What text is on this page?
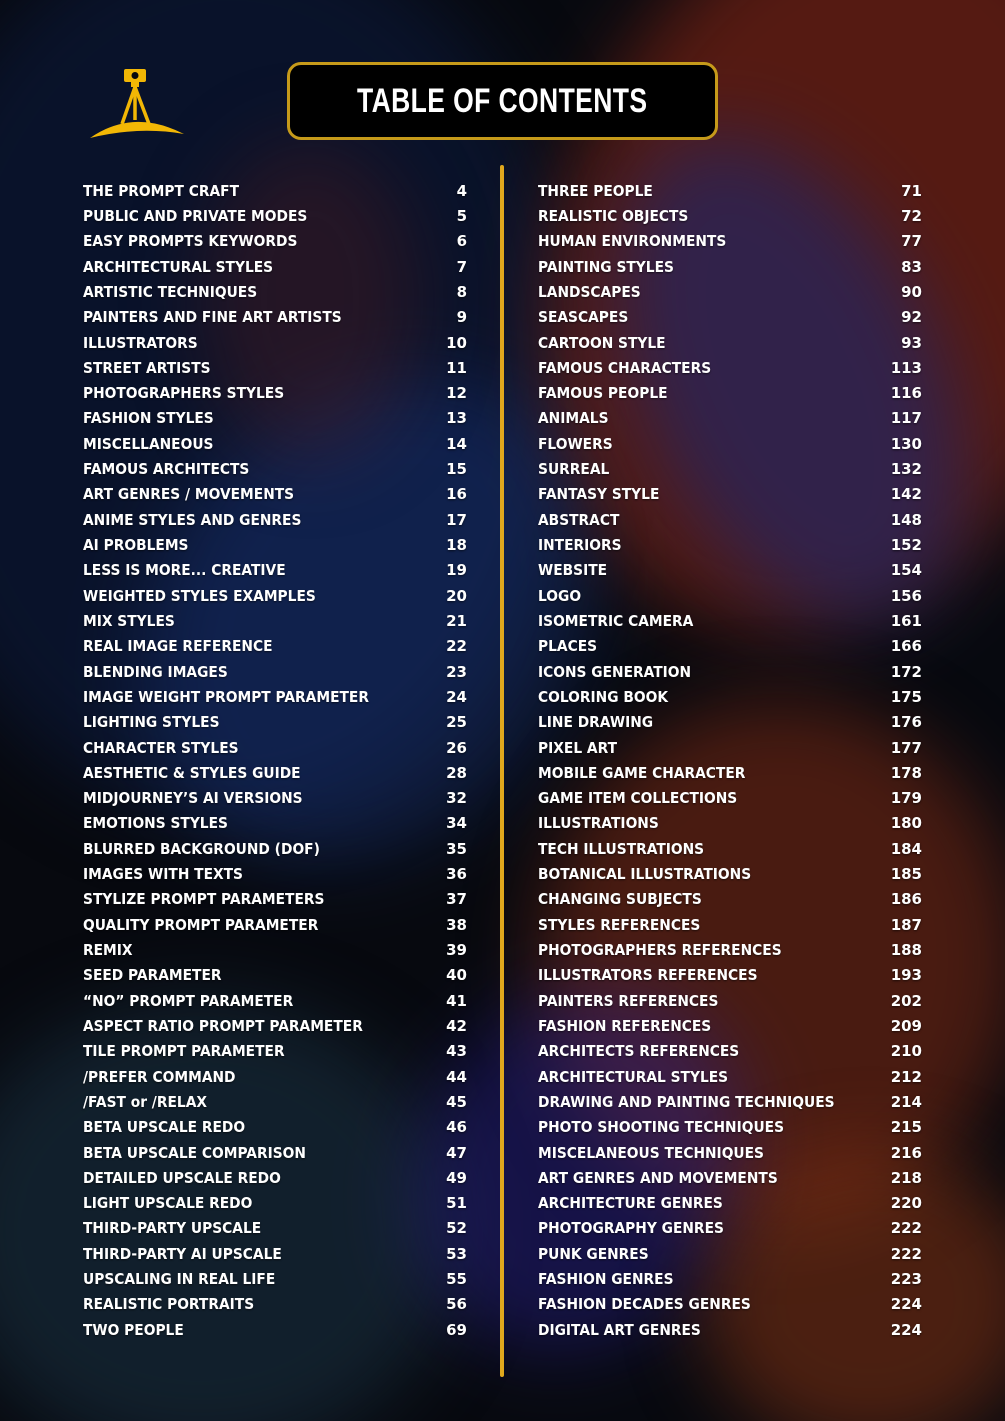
TABLE OF CONTENTS
THE PROMPT CRAFT	4
PUBLIC AND PRIVATE MODES	5
EASY PROMPTS KEYWORDS	6
ARCHITECTURAL STYLES	7
ARTISTIC TECHNIQUES	8
PAINTERS AND FINE ART ARTISTS	9
ILLUSTRATORS	10
STREET ARTISTS	11
PHOTOGRAPHERS STYLES	12
FASHION STYLES	13
MISCELLANEOUS	14
FAMOUS ARCHITECTS	15
ART GENRES / MOVEMENTS	16
ANIME STYLES AND GENRES	17
AI PROBLEMS	18
LESS IS MORE... CREATIVE	19
WEIGHTED STYLES EXAMPLES	20
MIX STYLES	21
REAL IMAGE REFERENCE	22
BLENDING IMAGES	23
IMAGE WEIGHT PROMPT PARAMETER	24
LIGHTING STYLES	25
CHARACTER STYLES	26
AESTHETIC & STYLES GUIDE	28
MIDJOURNEY’S AI VERSIONS	32
EMOTIONS STYLES	34
BLURRED BACKGROUND (DOF)	35
IMAGES WITH TEXTS	36
STYLIZE PROMPT PARAMETERS	37
QUALITY PROMPT PARAMETER	38
REMIX	39
SEED PARAMETER	40
“NO” PROMPT PARAMETER	41
ASPECT RATIO PROMPT PARAMETER	42
TILE PROMPT PARAMETER	43
/PREFER COMMAND	44
/FAST or /RELAX	45
BETA UPSCALE REDO	46
BETA UPSCALE COMPARISON	47
DETAILED UPSCALE REDO	49
LIGHT UPSCALE REDO	51
THIRD-PARTY UPSCALE	52
THIRD-PARTY AI UPSCALE	53
UPSCALING IN REAL LIFE	55
REALISTIC PORTRAITS	56
TWO PEOPLE	69
THREE PEOPLE	71
REALISTIC OBJECTS	72
HUMAN ENVIRONMENTS	77
PAINTING STYLES	83
LANDSCAPES	90
SEASCAPES	92
CARTOON STYLE	93
FAMOUS CHARACTERS	113
FAMOUS PEOPLE	116
ANIMALS	117
FLOWERS	130
SURREAL	132
FANTASY STYLE	142
ABSTRACT	148
INTERIORS	152
WEBSITE	154
LOGO	156
ISOMETRIC CAMERA	161
PLACES	166
ICONS GENERATION	172
COLORING BOOK	175
LINE DRAWING	176
PIXEL ART	177
MOBILE GAME CHARACTER	178
GAME ITEM COLLECTIONS	179
ILLUSTRATIONS	180
TECH ILLUSTRATIONS	184
BOTANICAL ILLUSTRATIONS	185
CHANGING SUBJECTS	186
STYLES REFERENCES	187
PHOTOGRAPHERS REFERENCES	188
ILLUSTRATORS REFERENCES	193
PAINTERS REFERENCES	202
FASHION REFERENCES	209
ARCHITECTS REFERENCES	210
ARCHITECTURAL STYLES	212
DRAWING AND PAINTING TECHNIQUES	214
PHOTO SHOOTING TECHNIQUES	215
MISCELANEOUS TECHNIQUES	216
ART GENRES AND MOVEMENTS	218
ARCHITECTURE GENRES	220
PHOTOGRAPHY GENRES	222
PUNK GENRES	222
FASHION GENRES	223
FASHION DECADES GENRES	224
DIGITAL ART GENRES	224
